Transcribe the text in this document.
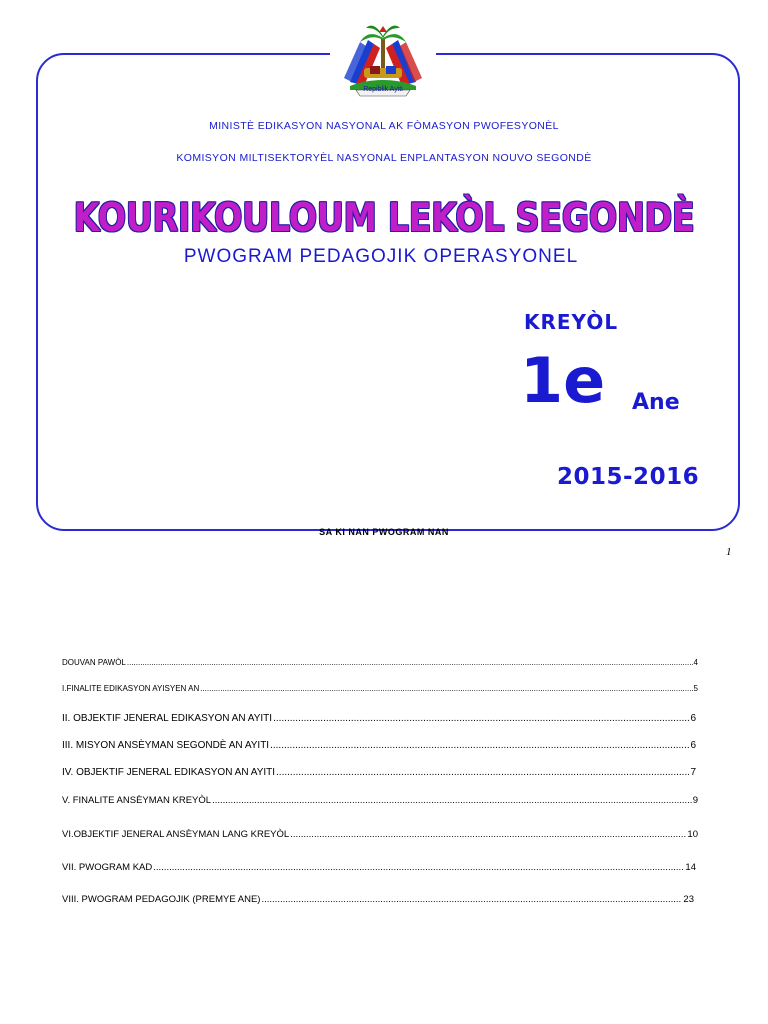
Repiblik Ayiti
MINISTÈ EDIKASYON NASYONAL AK FÒMASYON PWOFESYONÈL
KOMISYON MILTISEKTORYÈL NASYONAL ENPLANTASYON NOUVO SEGONDÈ
KOURIKOULOUM LEKÒL SEGONDÈ
PWOGRAM PEDAGOJIK OPERASYONEL
KREYÒL
1e Ane
2015-2016
SA KI NAN PWOGRAM NAN
1
DOUVAN PAWÒL .....	4
I.FINALITE EDIKASYON AYISYEN AN .....	5
II. OBJEKTIF JENERAL EDIKASYON AN AYITI .....	6
III. MISYON ANSÈYMAN SEGONDÈ AN AYITI .....	6
IV. OBJEKTIF JENERAL EDIKASYON AN AYITI .....	7
V. FINALITE ANSÈYMAN KREYÒL .....	9
VI.OBJEKTIF JENERAL ANSÈYMAN LANG KREYÒL .....	10
VII. PWOGRAM KAD .....	14
VIII. PWOGRAM PEDAGOJIK (PREMYE ANE) .....	23
